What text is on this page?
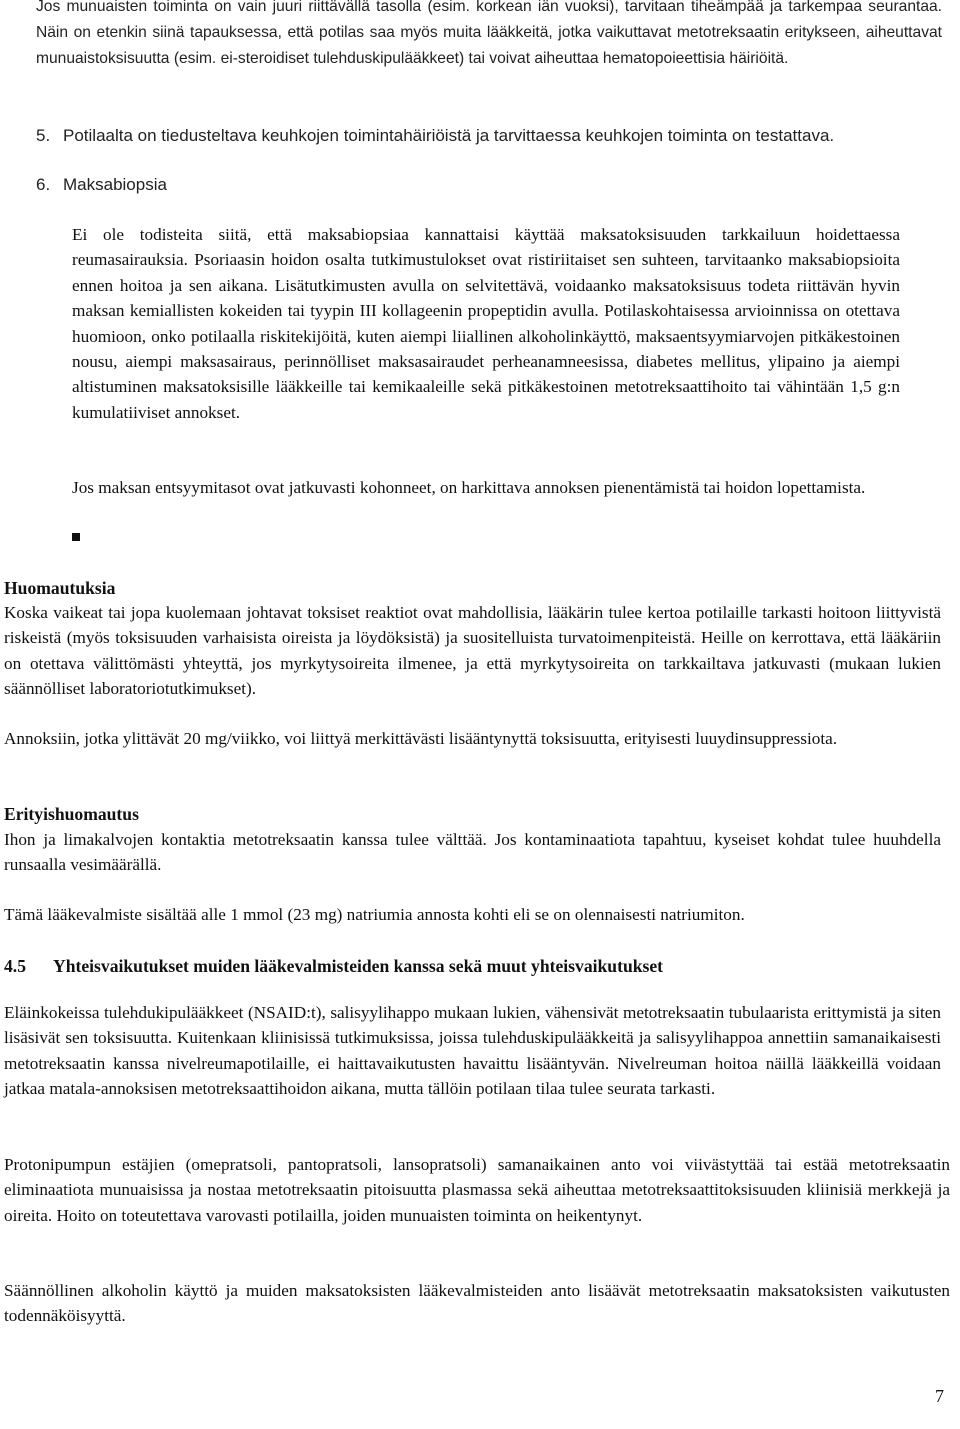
Jos munuaisten toiminta on vain juuri riittävällä tasolla (esim. korkean iän vuoksi), tarvitaan tiheämpää ja tarkempaa seurantaa. Näin on etenkin siinä tapauksessa, että potilas saa myös muita lääkkeitä, jotka vaikuttavat metotreksaatin eritykseen, aiheuttavat munuaistoksisuutta (esim. ei-steroidiset tulehduskipulääkkeet) tai voivat aiheuttaa hematopoieettisia häiriöitä.

5. Potilaalta on tiedusteltava keuhkojen toimintahäiriöistä ja tarvittaessa keuhkojen toiminta on testattava.

6. Maksabiopsia

Ei ole todisteita siitä, että maksabiopsiaa kannattaisi käyttää maksatoksisuuden tarkkailuun hoidettaessa reumasairauksia. Psoriaasin hoidon osalta tutkimustulokset ovat ristiriitaiset sen suhteen, tarvitaanko maksabiopsioita ennen hoitoa ja sen aikana. Lisätutkimusten avulla on selvitettävä, voidaanko maksatoksisuus todeta riittävän hyvin maksan kemiallisten kokeiden tai tyypin III kollageenin propeptidin avulla. Potilaskohtaisessa arvioinnissa on otettava huomioon, onko potilaalla riskitekijöitä, kuten aiempi liiallinen alkoholinkäyttö, maksaentsyymiarvojen pitkäkestoinen nousu, aiempi maksasairaus, perinnölliset maksasairaudet perheanamneesissa, diabetes mellitus, ylipaino ja aiempi altistuminen maksatoksisille lääkkeille tai kemikaaleille sekä pitkäkestoinen metotreksaattihoito tai vähintään 1,5 g:n kumulatiiviset annokset.

Jos maksan entsyymitasot ovat jatkuvasti kohonneet, on harkittava annoksen pienentämistä tai hoidon lopettamista.

Huomautuksia

Koska vaikeat tai jopa kuolemaan johtavat toksiset reaktiot ovat mahdollisia, lääkärin tulee kertoa potilaille tarkasti hoitoon liittyvistä riskeistä (myös toksisuuden varhaisista oireista ja löydöksistä) ja suositelluista turvatoimenpiteistä. Heille on kerrottava, että lääkäriin on otettava välittömästi yhteyttä, jos myrkytysoireita ilmenee, ja että myrkytysoireita on tarkkailtava jatkuvasti (mukaan lukien säännölliset laboratoriotutkimukset).

Annoksiin, jotka ylittävät 20 mg/viikko, voi liittyä merkittävästi lisääntynyttä toksisuutta, erityisesti luuydinsuppressiota.

Erityishuomautus

Ihon ja limakalvojen kontaktia metotreksaatin kanssa tulee välttää. Jos kontaminaatiota tapahtuu, kyseiset kohdat tulee huuhdella runsaalla vesimäärällä.

Tämä lääkevalmiste sisältää alle 1 mmol (23 mg) natriumia annosta kohti eli se on olennaisesti natriumiton.

4.5 Yhteisvaikutukset muiden lääkevalmisteiden kanssa sekä muut yhteisvaikutukset

Eläinkokeissa tulehdukipulääkkeet (NSAID:t), salisyylihappo mukaan lukien, vähensivät metotreksaatin tubulaarista erittymistä ja siten lisäsivät sen toksisuutta. Kuitenkaan kliinisissä tutkimuksissa, joissa tulehduskipulääkkeitä ja salisyylihappoa annettiin samanaikaisesti metotreksaatin kanssa nivelreumapotilaille, ei haittavaikutusten havaittu lisääntyvän. Nivelreuman hoitoa näillä lääkkeillä voidaan jatkaa matala-annoksisen metotreksaattihoidon aikana, mutta tällöin potilaan tilaa tulee seurata tarkasti.

Protonipumpun estäjien (omepratsoli, pantopratsoli, lansopratsoli) samanaikainen anto voi viivästyttää tai estää metotreksaatin eliminaatiota munuaisissa ja nostaa metotreksaatin pitoisuutta plasmassa sekä aiheuttaa metotreksaattitoksisuuden kliinisiä merkkejä ja oireita. Hoito on toteutettava varovasti potilailla, joiden munuaisten toiminta on heikentynyt.

Säännöllinen alkoholin käyttö ja muiden maksatoksisten lääkevalmisteiden anto lisäävät metotreksaatin maksatoksisten vaikutusten todennäköisyyttä.

7
